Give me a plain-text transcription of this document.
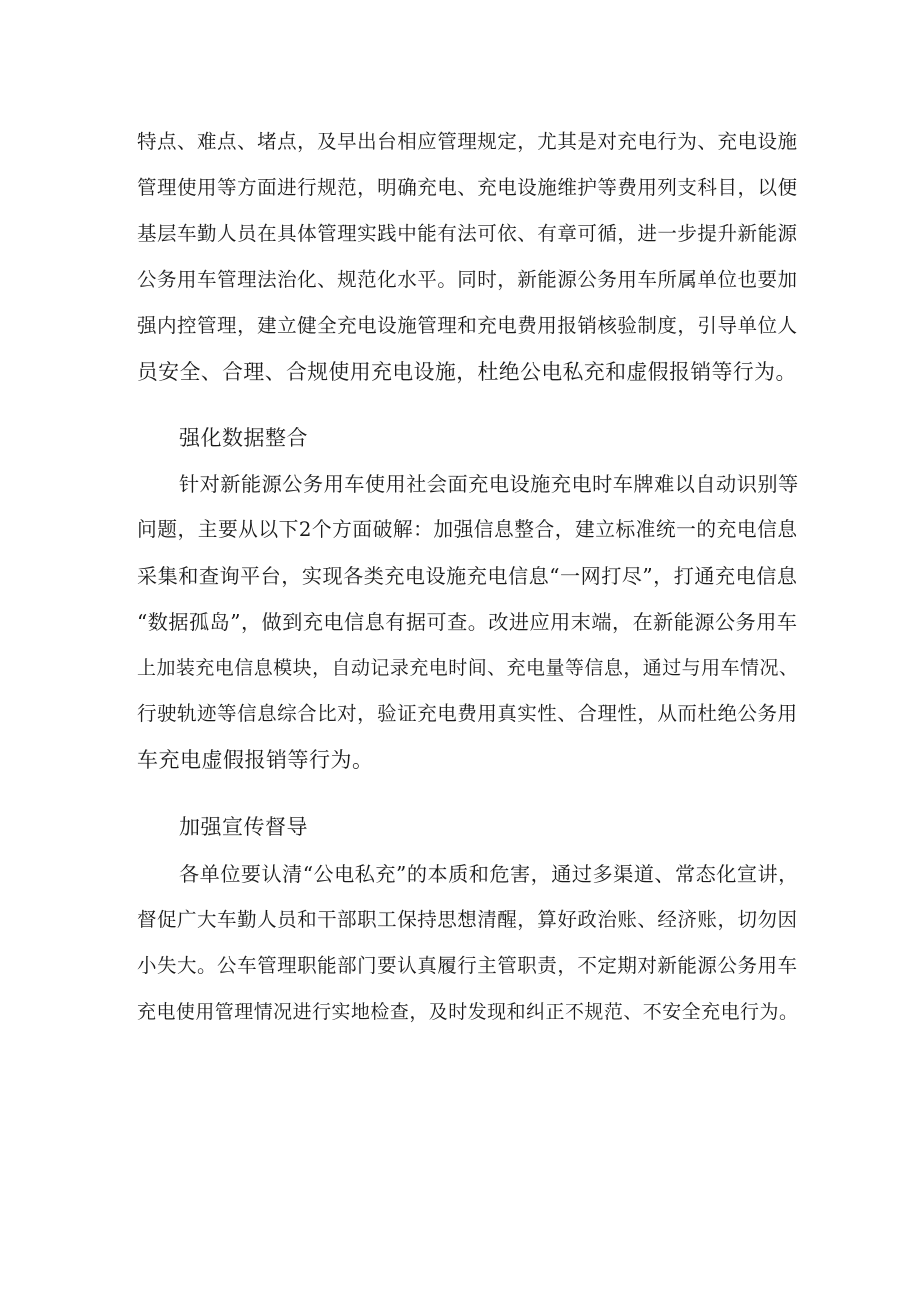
特点、难点、堵点，及早出台相应管理规定，尤其是对充电行为、充电设施
管理使用等方面进行规范，明确充电、充电设施维护等费用列支科目，以便
基层车勤人员在具体管理实践中能有法可依、有章可循，进一步提升新能源
公务用车管理法治化、规范化水平。同时，新能源公务用车所属单位也要加
强内控管理，建立健全充电设施管理和充电费用报销核验制度，引导单位人
员安全、合理、合规使用充电设施，杜绝公电私充和虚假报销等行为。
强化数据整合
针对新能源公务用车使用社会面充电设施充电时车牌难以自动识别等
问题，主要从以下2个方面破解：加强信息整合，建立标准统一的充电信息
采集和查询平台，实现各类充电设施充电信息“一网打尽”，打通充电信息
“数据孤岛”，做到充电信息有据可查。改进应用末端，在新能源公务用车
上加装充电信息模块，自动记录充电时间、充电量等信息，通过与用车情况、
行驶轨迹等信息综合比对，验证充电费用真实性、合理性，从而杜绝公务用
车充电虚假报销等行为。
加强宣传督导
各单位要认清“公电私充”的本质和危害，通过多渠道、常态化宣讲，
督促广大车勤人员和干部职工保持思想清醒，算好政治账、经济账，切勿因
小失大。公车管理职能部门要认真履行主管职责，不定期对新能源公务用车
充电使用管理情况进行实地检查，及时发现和纠正不规范、不安全充电行为。
